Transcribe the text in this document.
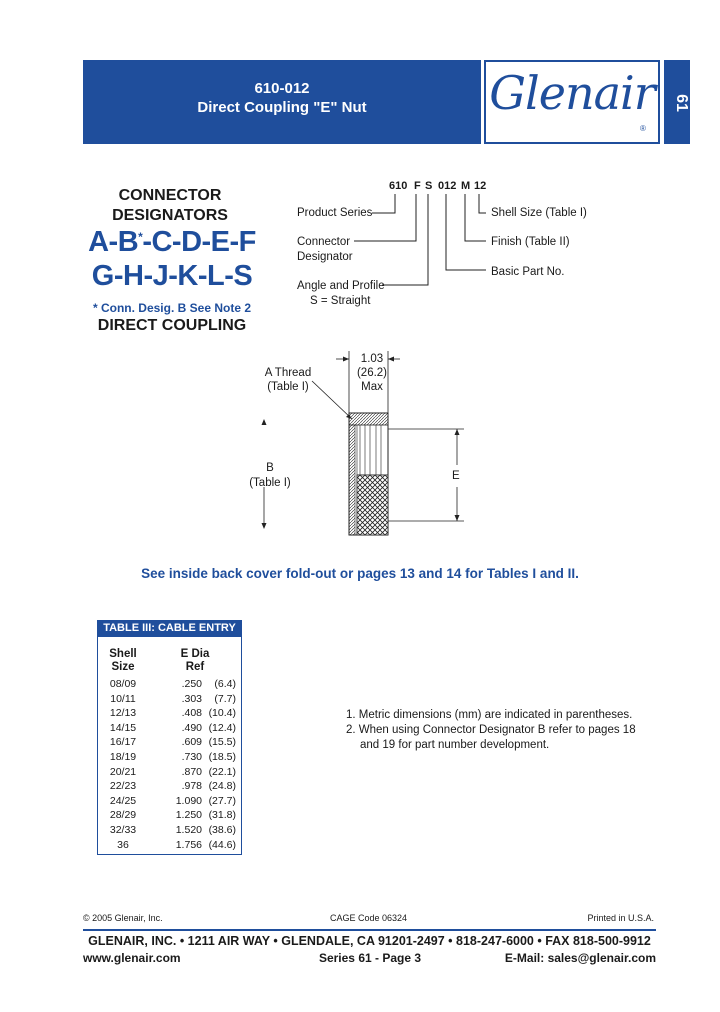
610-012
Direct Coupling "E" Nut	Glenair
®
61
CONNECTOR
DESIGNATORS
A-B*-C-D-E-F
G-H-J-K-L-S
* Conn. Desig. B See Note 2
DIRECT COUPLING
610 F S 012 M 12
Product Series
Connector
Designator
Angle and Profile
S = Straight
Shell Size (Table I)
Finish (Table II)
Basic Part No.
1.03
(26.2)
Max
A Thread
(Table I)
B
(Table I)
E
See inside back cover fold-out or pages 13 and 14 for Tables I and II.
TABLE III: CABLE ENTRY
Shell
Size
E Dia
Ref
08/09	.250	(6.4)
10/11	.303	(7.7)
12/13	.408 (10.4)
14/15	.490 (12.4)
16/17	.609 (15.5)
18/19	.730 (18.5)
20/21	.870 (22.1)
22/23	.978 (24.8)
24/25	1.090 (27.7)
28/29	1.250 (31.8)
32/33	1.520 (38.6)
36	1.756 (44.6)
1. Metric dimensions (mm) are indicated in parentheses.
2. When using Connector Designator B refer to pages 18
and 19 for part number development.
© 2005 Glenair, Inc.	CAGE Code 06324	Printed in U.S.A.
GLENAIR, INC. • 1211 AIR WAY • GLENDALE, CA 91201-2497 • 818-247-6000 • FAX 818-500-9912
www.glenair.com	Series 61 - Page 3	E-Mail: sales@glenair.com
